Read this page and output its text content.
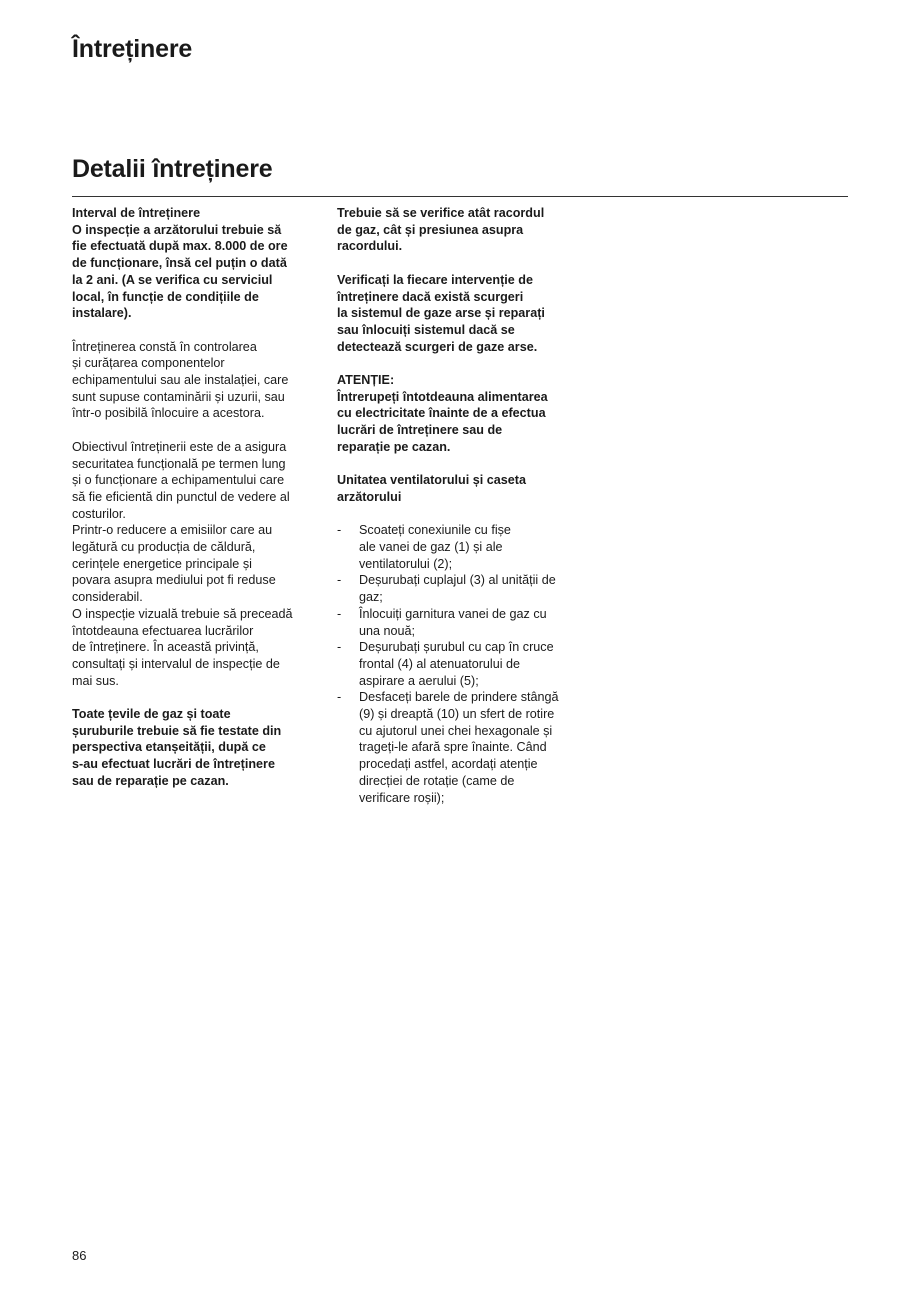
Întreținere
Detalii întreținere

Interval de întreținere
O inspecție a arzătorului trebuie să
fie efectuată după max. 8.000 de ore
de funcționare, însă cel puțin o dată
la 2 ani. (A se verifica cu serviciul
local, în funcție de condițiile de
instalare).

Întreținerea constă în controlarea
și curățarea componentelor
echipamentului sau ale instalației, care
sunt supuse contaminării și uzurii, sau
într-o posibilă înlocuire a acestora.

Obiectivul întreținerii este de a asigura
securitatea funcțională pe termen lung
și o funcționare a echipamentului care
să fie eficientă din punctul de vedere al
costurilor.
Printr-o reducere a emisiilor care au
legătură cu producția de căldură,
cerințele energetice principale și
povara asupra mediului pot fi reduse
considerabil.
O inspecție vizuală trebuie să preceadă
întotdeauna efectuarea lucrărilor
de întreținere. În această privință,
consultați și intervalul de inspecție de
mai sus.

Toate țevile de gaz și toate
șuruburile trebuie să fie testate din
perspectiva etanșeității, după ce
s-au efectuat lucrări de întreținere
sau de reparație pe cazan.

Trebuie să se verifice atât racordul
de gaz, cât și presiunea asupra
racordului.

Verificați la fiecare intervenție de
întreținere dacă există scurgeri
la sistemul de gaze arse și reparați
sau înlocuiți sistemul dacă se
detectează scurgeri de gaze arse.

ATENȚIE:
Întrerupeți întotdeauna alimentarea
cu electricitate înainte de a efectua
lucrări de întreținere sau de
reparație pe cazan.

Unitatea ventilatorului și caseta
arzătorului

- Scoateți conexiunile cu fișe
ale vanei de gaz (1) și ale
ventilatorului (2);
- Deșurubați cuplajul (3) al unității de
gaz;
- Înlocuiți garnitura vanei de gaz cu
una nouă;
- Deșurubați șurubul cu cap în cruce
frontal (4) al atenuatorului de
aspirare a aerului (5);
- Desfaceți barele de prindere stângă
(9) și dreaptă (10) un sfert de rotire
cu ajutorul unei chei hexagonale și
trageți-le afară spre înainte. Când
procedați astfel, acordați atenție
direcției de rotație (came de
verificare roșii);
86
